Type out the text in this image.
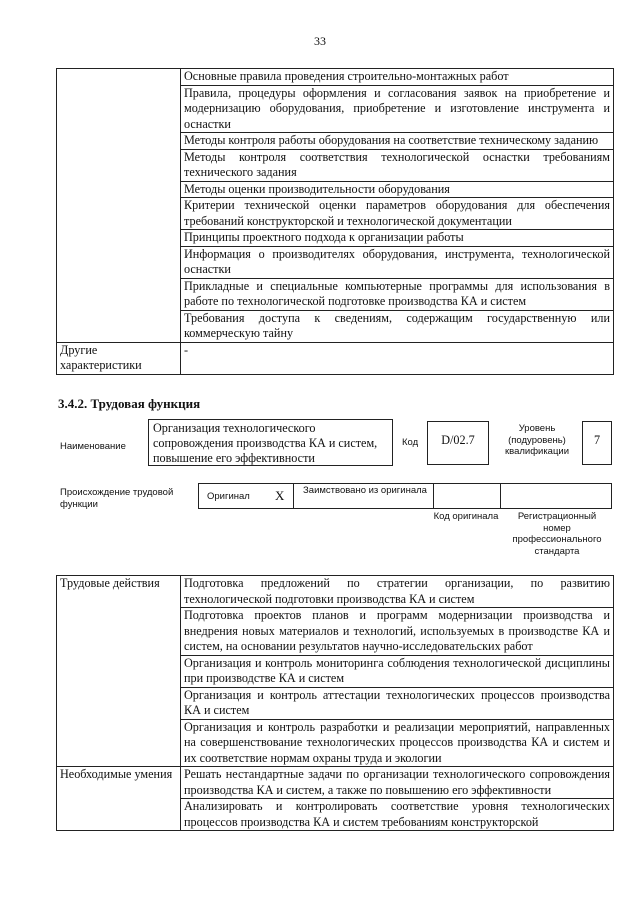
33
	Основные правила проведения строительно-монтажных работ
	Правила, процедуры оформления и согласования заявок на приобретение и модернизацию оборудования, приобретение и изготовление инструмента и оснастки
	Методы контроля работы оборудования на соответствие техническому заданию
	Методы контроля соответствия технологической оснастки требованиям технического задания
	Методы оценки производительности оборудования
	Критерии технической оценки параметров оборудования для обеспечения требований конструкторской и технологической документации
	Принципы проектного подхода к организации работы
	Информация о производителях оборудования, инструмента, технологической оснастки
	Прикладные и специальные компьютерные программы для использования в работе по технологической подготовке производства КА и систем
	Требования доступа к сведениям, содержащим государственную или коммерческую тайну
Другие характеристики	-
3.4.2. Трудовая функция
Наименование
Организация технологического сопровождения производства КА и систем, повышение его эффективности
Код	D/02.7
Уровень (подуровень) квалификации
7
Происхождение трудовой функции
Оригинал X Заимствовано из оригинала
Код оригинала	Регистрационный номер профессионального стандарта
Трудовые действия	Подготовка предложений по стратегии организации, по развитию технологической подготовки производства КА и систем
	Подготовка проектов планов и программ модернизации производства и внедрения новых материалов и технологий, используемых в производстве КА и систем, на основании результатов научно-исследовательских работ
	Организация и контроль мониторинга соблюдения технологической дисциплины при производстве КА и систем
	Организация и контроль аттестации технологических процессов производства КА и систем
	Организация и контроль разработки и реализации мероприятий, направленных на совершенствование технологических процессов производства КА и систем и их соответствие нормам охраны труда и экологии
Необходимые умения	Решать нестандартные задачи по организации технологического сопровождения производства КА и систем, а также по повышению его эффективности
	Анализировать и контролировать соответствие уровня технологических процессов производства КА и систем требованиям конструкторской
